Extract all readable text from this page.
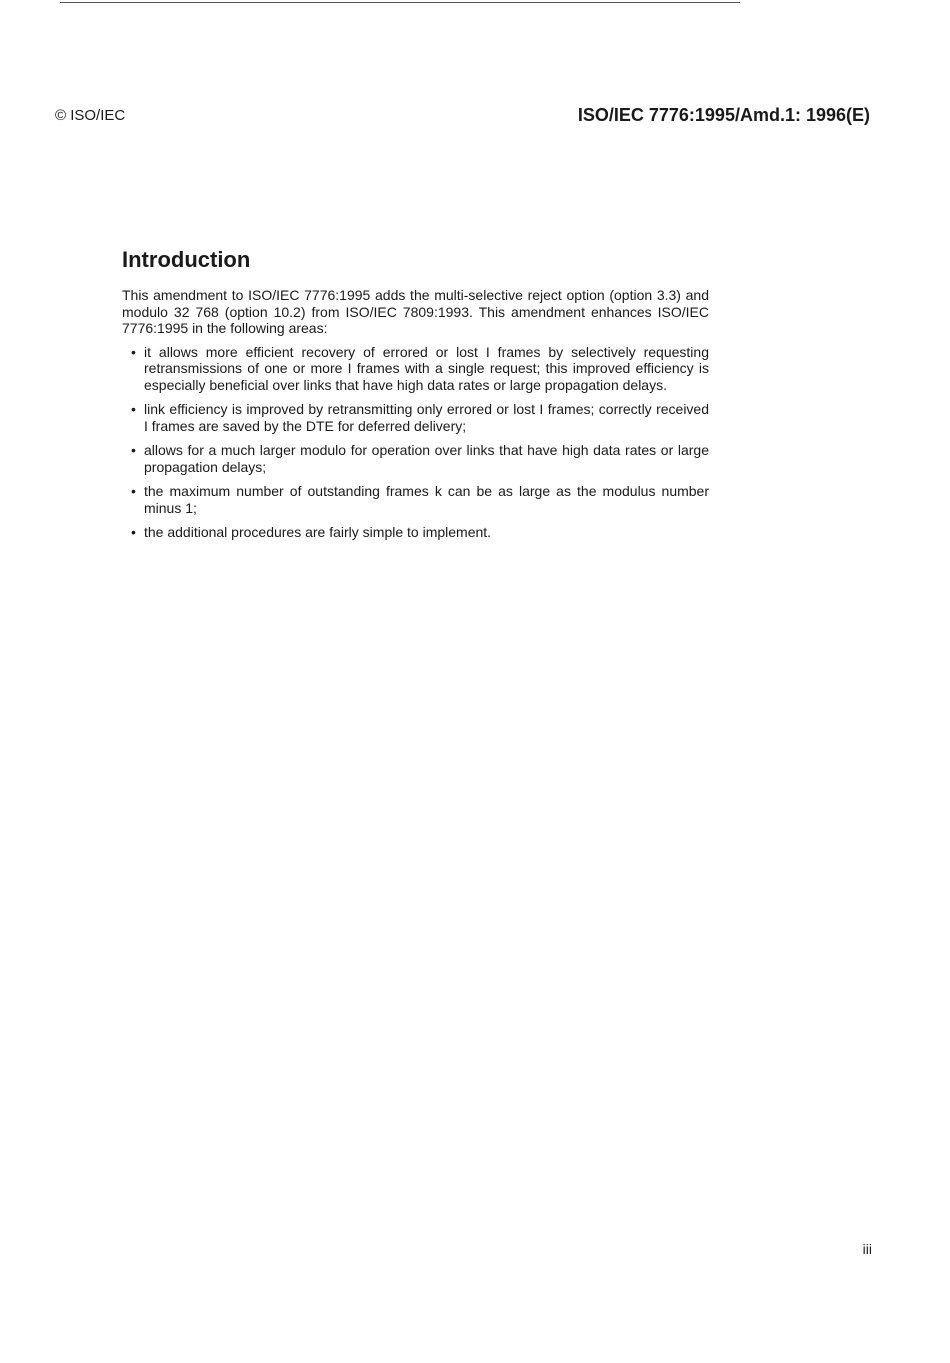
© ISO/IEC	ISO/IEC 7776:1995/Amd.1: 1996(E)
Introduction

This amendment to ISO/IEC 7776:1995 adds the multi-selective reject option (option 3.3) and modulo 32 768 (option 10.2) from ISO/IEC 7809:1993. This amendment enhances ISO/IEC 7776:1995 in the following areas:

• it allows more efficient recovery of errored or lost I frames by selectively requesting retransmissions of one or more I frames with a single request; this improved efficiency is especially beneficial over links that have high data rates or large propagation delays.
• link efficiency is improved by retransmitting only errored or lost I frames; correctly received I frames are saved by the DTE for deferred delivery;
• allows for a much larger modulo for operation over links that have high data rates or large propagation delays;
• the maximum number of outstanding frames k can be as large as the modulus number minus 1;
• the additional procedures are fairly simple to implement.
iii
